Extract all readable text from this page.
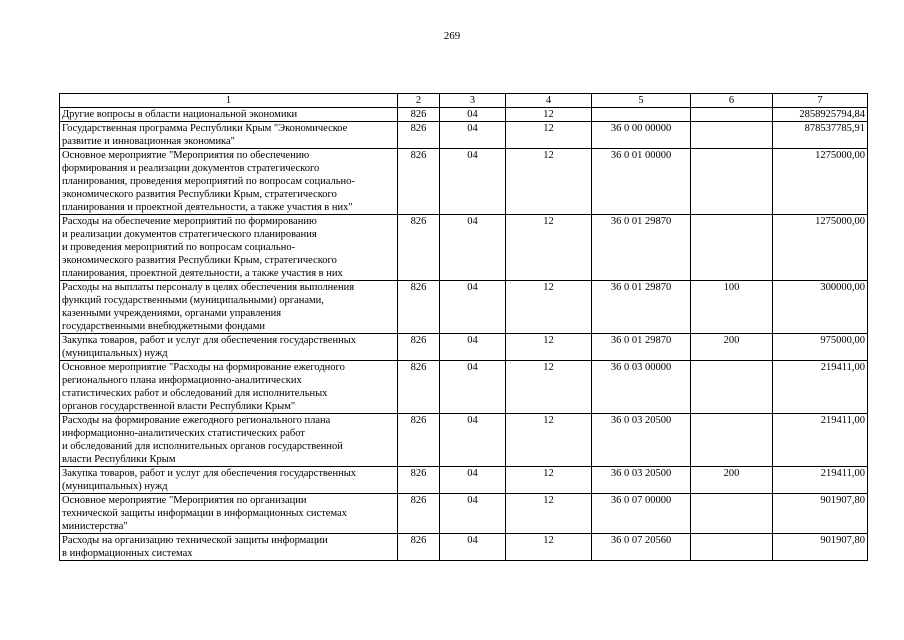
269
1	2	3	4	5	6	7
Другие вопросы в области национальной экономики	826	04	12			2858925794,84
Государственная программа Республики Крым "Экономическое
развитие и инновационная экономика"	826	04	12	36 0 00 00000		878537785,91
Основное мероприятие "Мероприятия по обеспечению
формирования и реализации документов стратегического
планирования, проведения мероприятий по вопросам социально-
экономического развития Республики Крым, стратегического
планирования и проектной деятельности, а также участия в них"	826	04	12	36 0 01 00000		1275000,00
Расходы на обеспечение мероприятий по формированию
и реализации документов стратегического планирования
и проведения мероприятий по вопросам социально-
экономического развития Республики Крым, стратегического
планирования, проектной деятельности, а также участия в них	826	04	12	36 0 01 29870		1275000,00
Расходы на выплаты персоналу в целях обеспечения выполнения
функций государственными (муниципальными) органами,
казенными учреждениями, органами управления
государственными внебюджетными фондами	826	04	12	36 0 01 29870	100	300000,00
Закупка товаров, работ и услуг для обеспечения государственных
(муниципальных) нужд	826	04	12	36 0 01 29870	200	975000,00
Основное мероприятие "Расходы на формирование ежегодного
регионального плана информационно-аналитических
статистических работ и обследований для исполнительных
органов государственной власти Республики Крым"	826	04	12	36 0 03 00000		219411,00
Расходы на формирование ежегодного регионального плана
информационно-аналитических статистических работ
и обследований для исполнительных органов государственной
власти Республики Крым	826	04	12	36 0 03 20500		219411,00
Закупка товаров, работ и услуг для обеспечения государственных
(муниципальных) нужд	826	04	12	36 0 03 20500	200	219411,00
Основное мероприятие "Мероприятия по организации
технической защиты информации в информационных системах
министерства"	826	04	12	36 0 07 00000		901907,80
Расходы на организацию технической защиты информации
в информационных системах	826	04	12	36 0 07 20560		901907,80
